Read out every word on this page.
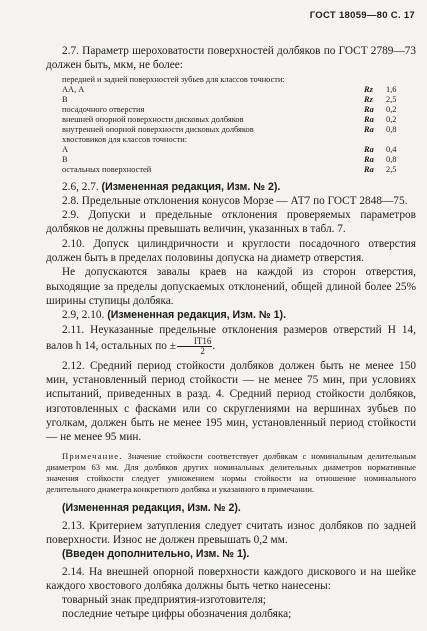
ГОСТ 18059—80 С. 17

2.7. Параметр шероховатости поверхностей долбяков по ГОСТ 2789—73 должен быть, мкм, не более:

передней и задней поверхностей зубьев для классов точности:
АА, А	Rz	1,6
В	Rz	2,5
посадочного отверстия	Ra	0,2
внешней опорной поверхности дисковых долбяков	Ra	0,2
внутренней опорной поверхности дисковых долбяков	Ra	0,8
хвостовиков для классов точности:
А	Ra	0,4
В	Ra	0,8
остальных поверхностей	Ra	2,5

2.6, 2.7. (Измененная редакция, Изм. № 2).

2.8. Предельные отклонения конусов Морзе — АТ7 по ГОСТ 2848—75.

2.9. Допуски и предельные отклонения проверяемых параметров долбяков не должны превышать величин, указанных в табл. 7.

2.10. Допуск цилиндричности и круглости посадочного отверстия должен быть в пределах половины допуска на диаметр отверстия.

Не допускаются завалы краев на каждой из сторон отверстия, выходящие за пределы допускаемых отклонений, общей длиной более 25% ширины ступицы долбяка.

2.9, 2.10. (Измененная редакция, Изм. № 1).

2.11. Неуказанные предельные отклонения размеров отверстий Н 14, валов h 14, остальных по ± $\frac{IT16}{2}$ .

2.12. Средний период стойкости долбяков должен быть не менее 150 мин, установленный период стойкости — не менее 75 мин, при условиях испытаний, приведенных в разд. 4. Средний период стойкости долбяков, изготовленных с фасками или со скруглениями на вершинах зубьев по уголкам, должен быть не менее 195 мин, установленный период стойкости — не менее 95 мин.

Примечание. Значение стойкости соответствует долбякам с номинальным делительным диаметром 63 мм. Для долбяков других номинальных делительных диаметров нормативные значения стойкости следует умножением нормы стойкости на отношение номинального делительного диаметра конкретного долбяка и указанного в примечании.

(Измененная редакция, Изм. № 2).

2.13. Критерием затупления следует считать износ долбяков по задней поверхности. Износ не должен превышать 0,2 мм.

(Введен дополнительно, Изм. № 1).

2.14. На внешней опорной поверхности каждого дискового и на шейке каждого хвостового долбяка должны быть четко нанесены:

товарный знак предприятия-изготовителя;

последние четыре цифры обозначения долбяка;
